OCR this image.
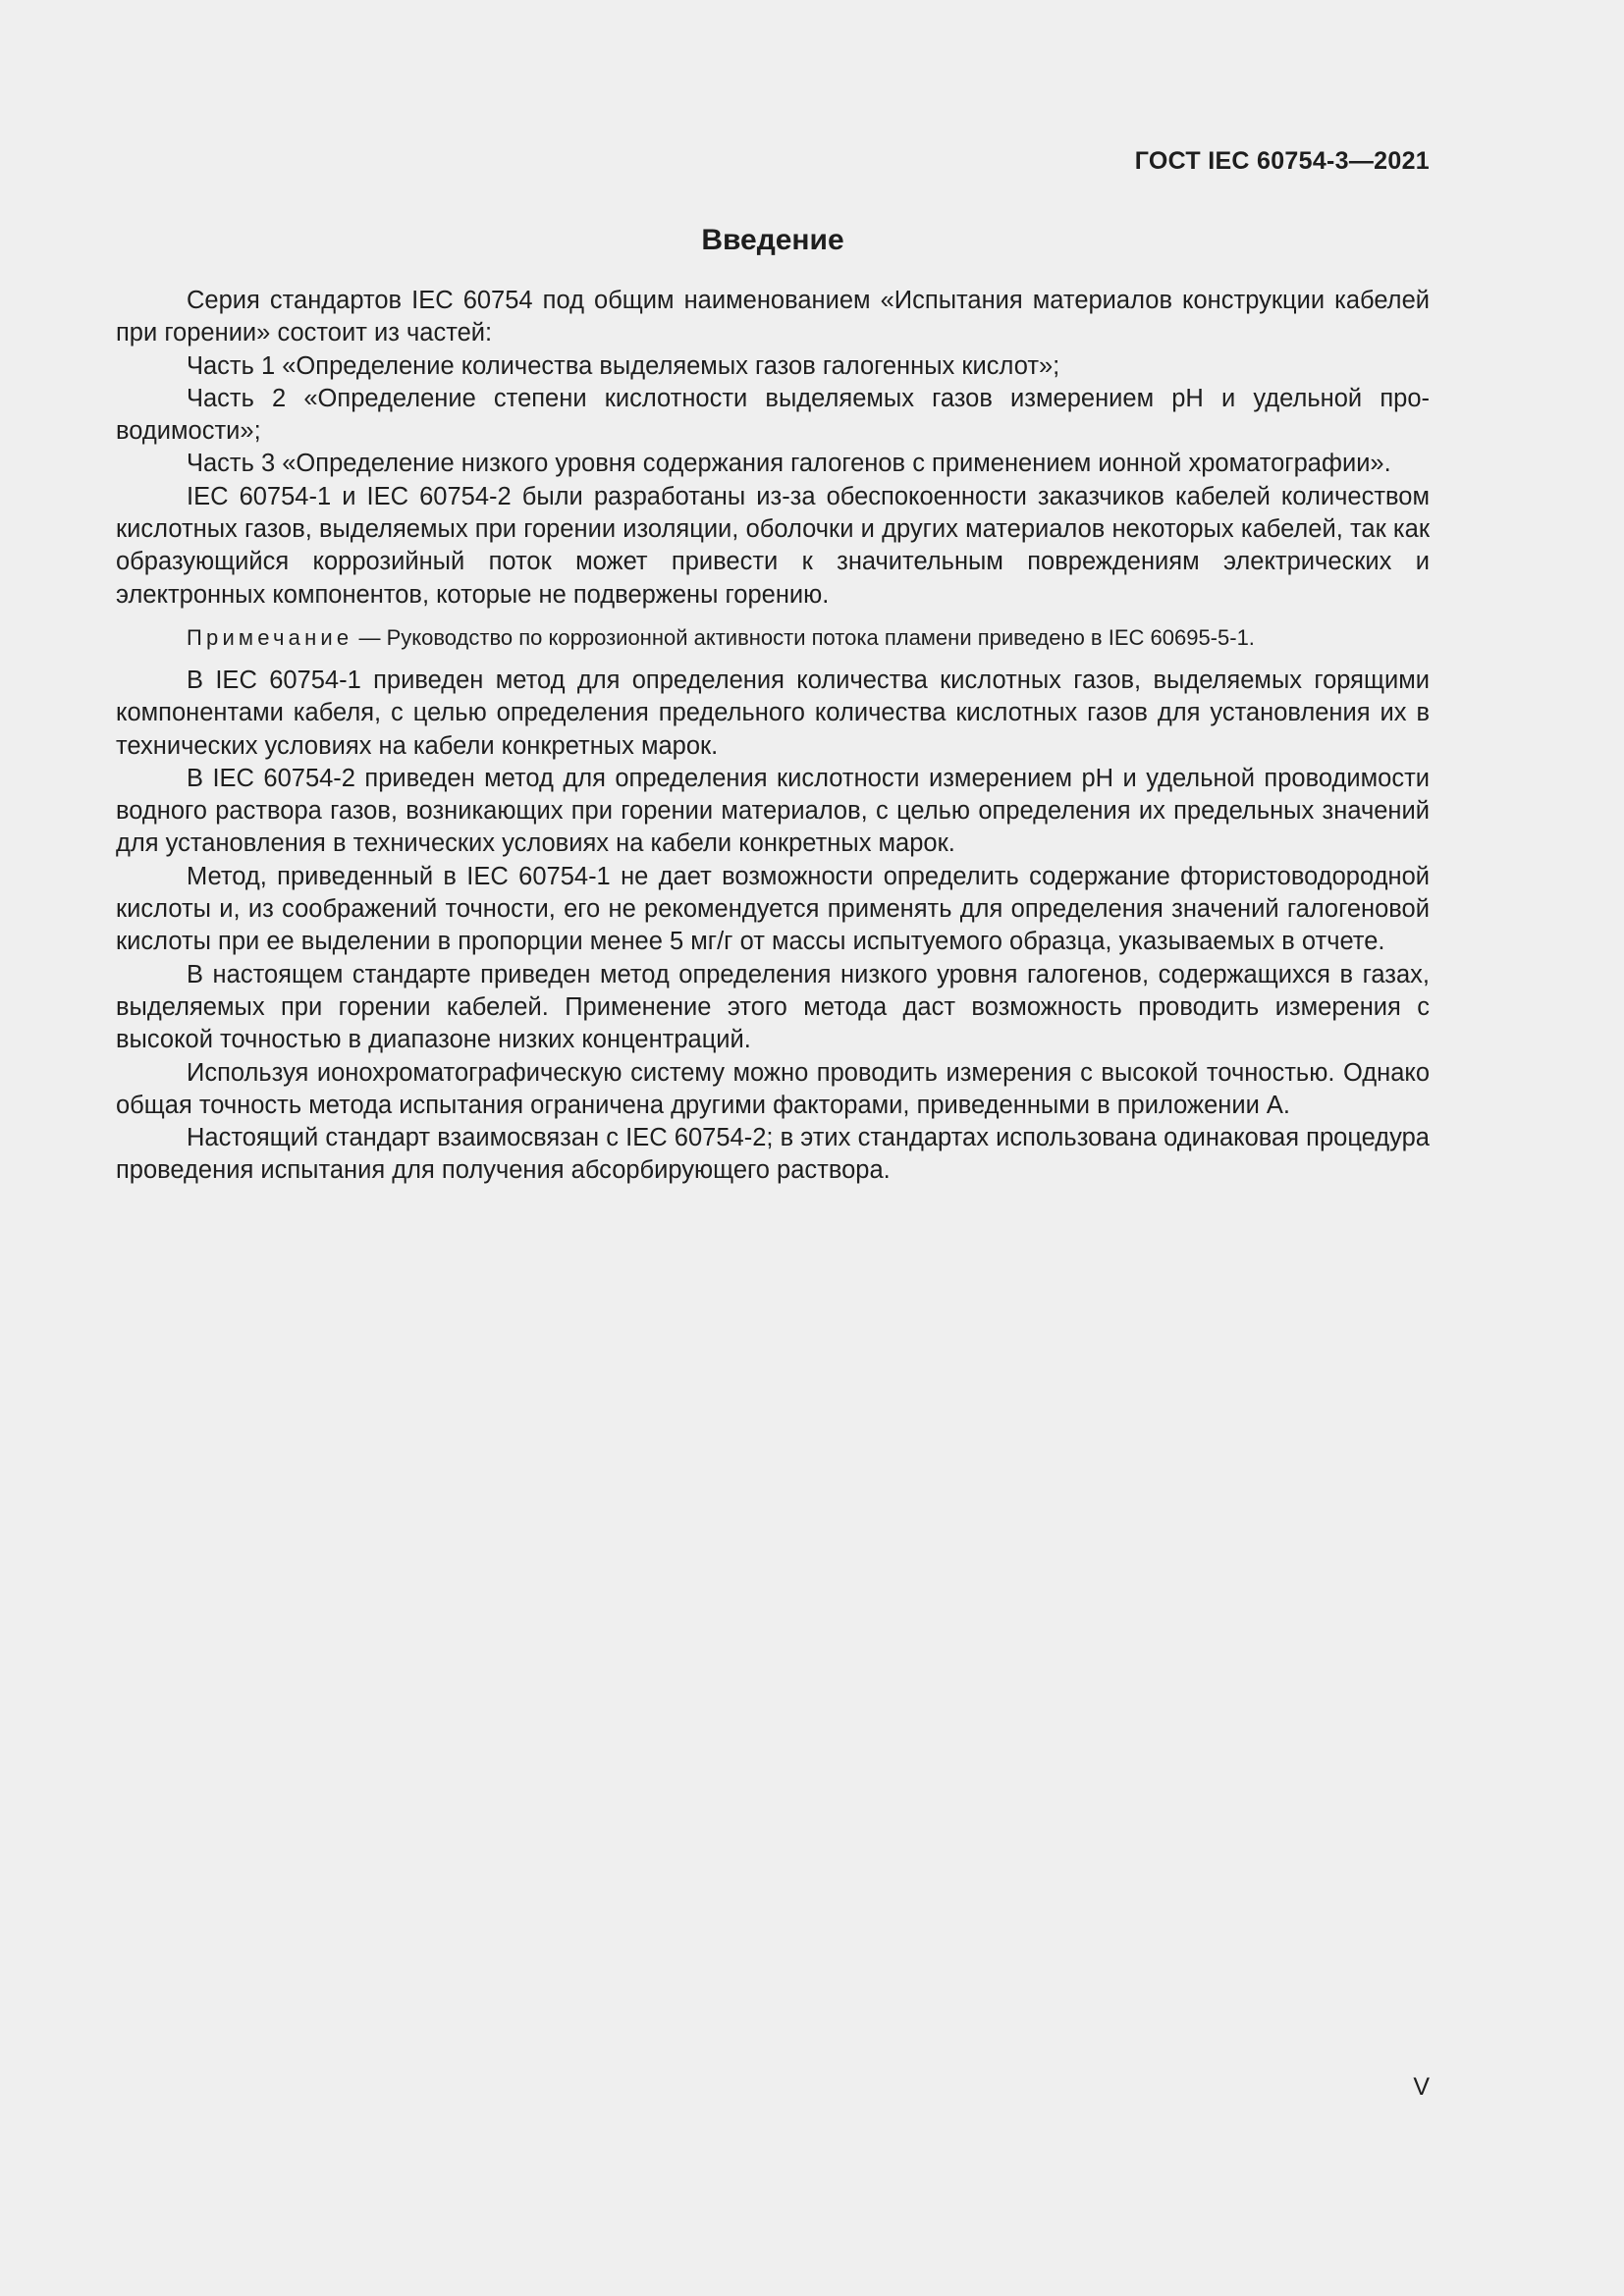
ГОСТ IEC 60754-3—2021
Введение

Серия стандартов IEC 60754 под общим наименованием «Испытания материалов конструкции кабелей при горении» состоит из частей:

Часть 1 «Определение количества выделяемых газов галогенных кислот»;

Часть 2 «Определение степени кислотности выделяемых газов измерением pH и удельной проводимости»;

Часть 3 «Определение низкого уровня содержания галогенов с применением ионной хроматографии».

IEC 60754-1 и IEC 60754-2 были разработаны из-за обеспокоенности заказчиков кабелей количеством кислотных газов, выделяемых при горении изоляции, оболочки и других материалов некоторых кабелей, так как образующийся коррозийный поток может привести к значительным повреждениям электрических и электронных компонентов, которые не подвержены горению.

Примечание — Руководство по коррозионной активности потока пламени приведено в IEC 60695-5-1.

В IEC 60754-1 приведен метод для определения количества кислотных газов, выделяемых горящими компонентами кабеля, с целью определения предельного количества кислотных газов для установления их в технических условиях на кабели конкретных марок.

В IEC 60754-2 приведен метод для определения кислотности измерением pH и удельной проводимости водного раствора газов, возникающих при горении материалов, с целью определения их предельных значений для установления в технических условиях на кабели конкретных марок.

Метод, приведенный в IEC 60754-1 не дает возможности определить содержание фтористоводородной кислоты и, из соображений точности, его не рекомендуется применять для определения значений галогеновой кислоты при ее выделении в пропорции менее 5 мг/г от массы испытуемого образца, указываемых в отчете.

В настоящем стандарте приведен метод определения низкого уровня галогенов, содержащихся в газах, выделяемых при горении кабелей. Применение этого метода даст возможность проводить измерения с высокой точностью в диапазоне низких концентраций.

Используя ионохроматографическую систему можно проводить измерения с высокой точностью. Однако общая точность метода испытания ограничена другими факторами, приведенными в приложении А.

Настоящий стандарт взаимосвязан с IEC 60754-2; в этих стандартах использована одинаковая процедура проведения испытания для получения абсорбирующего раствора.

V
